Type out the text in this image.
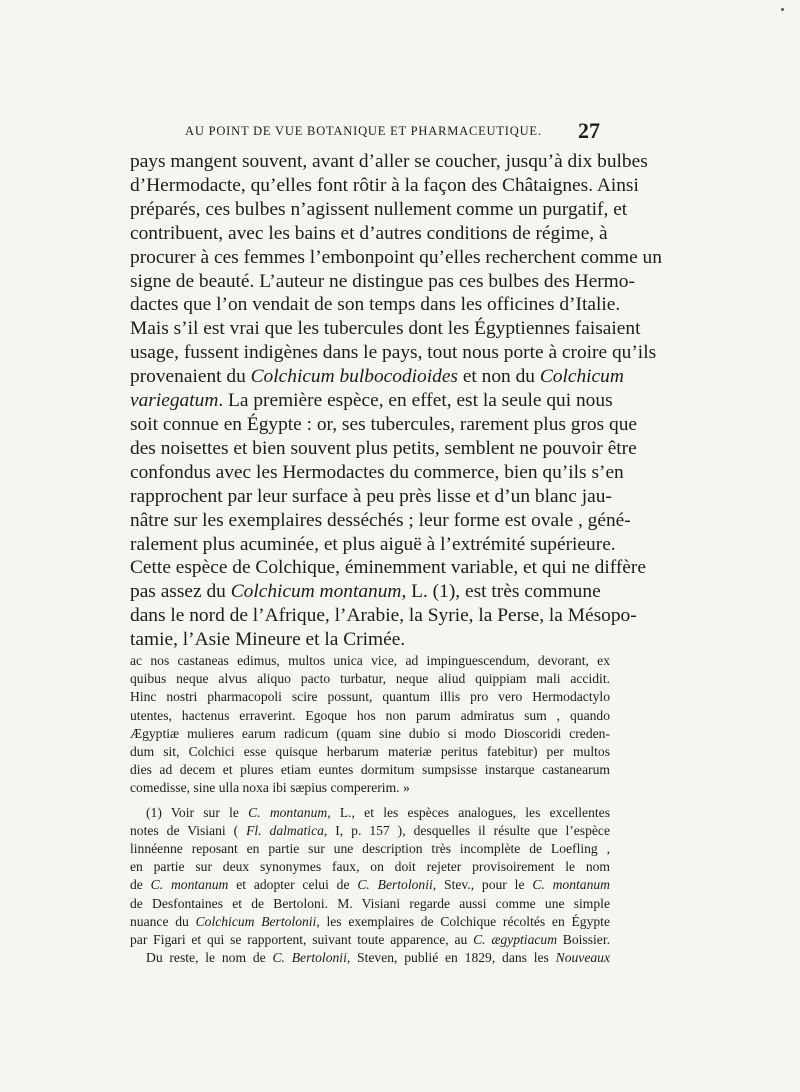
AU POINT DE VUE BOTANIQUE ET PHARMACEUTIQUE. 27
pays mangent souvent, avant d’aller se coucher, jusqu’à dix bulbes
d’Hermodacte, qu’elles font rôtir à la façon des Châtaignes. Ainsi
préparés, ces bulbes n’agissent nullement comme un purgatif, et
contribuent, avec les bains et d’autres conditions de régime, à
procurer à ces femmes l’embonpoint qu’elles recherchent comme un
signe de beauté. L’auteur ne distingue pas ces bulbes des Hermo-
dactes que l’on vendait de son temps dans les officines d’Italie.
Mais s’il est vrai que les tubercules dont les Égyptiennes faisaient
usage, fussent indigènes dans le pays, tout nous porte à croire qu’ils
provenaient du Colchicum bulbocodioides et non du Colchicum
variegatum. La première espèce, en effet, est la seule qui nous
soit connue en Égypte : or, ses tubercules, rarement plus gros que
des noisettes et bien souvent plus petits, semblent ne pouvoir être
confondus avec les Hermodactes du commerce, bien qu’ils s’en
rapprochent par leur surface à peu près lisse et d’un blanc jau-
nâtre sur les exemplaires desséchés ; leur forme est ovale , géné-
ralement plus acuminée, et plus aiguë à l’extrémité supérieure.
Cette espèce de Colchique, éminemment variable, et qui ne diffère
pas assez du Colchicum montanum, L. (1), est très commune
dans le nord de l’Afrique, l’Arabie, la Syrie, la Perse, la Mésopo-
tamie, l’Asie Mineure et la Crimée.
ac nos castaneas edimus, multos unica vice, ad impinguescendum, devorant, ex
quibus neque alvus aliquo pacto turbatur, neque aliud quippiam mali accidit.
Hinc nostri pharmacopoli scire possunt, quantum illis pro vero Hermodactylo
utentes, hactenus erraverint. Egoque hos non parum admiratus sum , quando
Ægyptiæ mulieres earum radicum (quam sine dubio si modo Dioscoridi creden-
dum sit, Colchici esse quisque herbarum materiæ peritus fatebitur) per multos
dies ad decem et plures etiam euntes dormitum sumpsisse instarque castanearum
comedisse, sine ulla noxa ibi sæpius compererim. »
(1) Voir sur le C. montanum, L., et les espèces analogues, les excellentes
notes de Visiani ( Fl. dalmatica, I, p. 157 ), desquelles il résulte que l’espèce
linnéenne reposant en partie sur une description très incomplète de Loefling ,
en partie sur deux synonymes faux, on doit rejeter provisoirement le nom
de C. montanum et adopter celui de C. Bertolonii, Stev., pour le C. montanum
de Desfontaines et de Bertoloni. M. Visiani regarde aussi comme une simple
nuance du Colchicum Bertolonii, les exemplaires de Colchique récoltés en Égypte
par Figari et qui se rapportent, suivant toute apparence, au C. ægyptiacum Boissier.
Du reste, le nom de C. Bertolonii, Steven, publié en 1829, dans les Nouveaux
